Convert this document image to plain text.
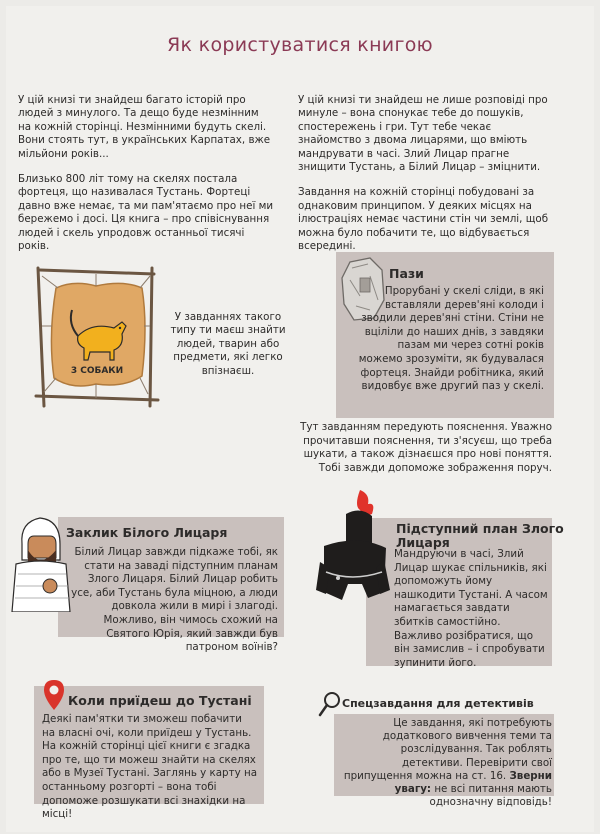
Як користуватися книгою

У цій книзі ти знайдеш багато історій про людей з минулого. Та дещо буде незмінним на кожній сторінці. Незмінними будуть скелі. Вони стоять тут, в українських Карпатах, вже мільйони років...

Близько 800 літ тому на скелях постала фортеця, що називалася Тустань. Фортеці давно вже немає, та ми пам'ятаємо про неї ми бережемо і досі. Ця книга – про співіснування людей і скель упродовж останньої тисячі років.

У цій книзі ти знайдеш не лише розповіді про минуле – вона спонукає тебе до пошуків, спостережень і гри. Тут тебе чекає знайомство з двома лицарями, що вміють мандрувати в часі. Злий Лицар прагне знищити Тустань, а Білий Лицар – зміцнити.

Завдання на кожній сторінці побудовані за однаковим принципом. У деяких місцях на ілюстраціях немає частини стін чи землі, щоб можна було побачити те, що відбувається всередині.

3 СОБАКИ
У завданнях такого типу ти маєш знайти людей, тварин або предмети, які легко впізнаєш.
Пази
Прорубані у скелі сліди, в які вставляли дерев'яні колоди і зводили дерев'яні стіни. Стіни не вціліли до наших днів, з завдяки пазам ми через сотні років можемо зрозуміти, як будувалася фортеця. Знайди робітника, який видовбує вже другий паз у скелі.
Тут завданням передують пояснення. Уважно прочитавши пояснення, ти з'ясуєш, що треба шукати, а також дізнаєшся про нові поняття. Тобі завжди допоможе зображення поруч.
Заклик Білого Лицаря
Білий Лицар завжди підкаже тобі, як стати на заваді підступним планам Злого Лицаря. Білий Лицар робить усе, аби Тустань була міцною, а люди довкола жили в мирі і злагоді. Можливо, він чимось схожий на Святого Юрія, який завжди був патроном воїнів?
Підступний план Злого Лицаря
Мандруючи в часі, Злий Лицар шукає спільників, які допоможуть йому нашкодити Тустані. А часом намагається завдати збитків самостійно. Важливо розібратися, що він замислив – і спробувати зупинити його.
Коли приїдеш до Тустані
Деякі пам'ятки ти зможеш побачити на власні очі, коли приїдеш у Тустань. На кожній сторінці цієї книги є згадка про те, що ти можеш знайти на скелях або в Музеї Тустані. Заглянь у карту на останньому розгорті – вона тобі допоможе розшукати всі знахідки на місці!
Спецзавдання для детективів
Це завдання, які потребують додаткового вивчення теми та розслідування. Так роблять детективи. Перевірити свої припущення можна на ст. 16. Зверни увагу: не всі питання мають однозначну відповідь!
